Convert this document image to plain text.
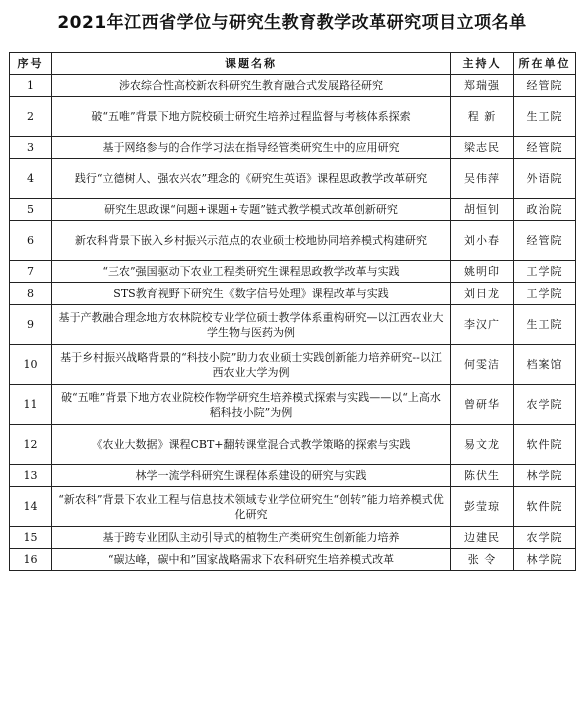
2021年江西省学位与研究生教育教学改革研究项目立项名单
序号	课题名称	主持人	所在单位
1	涉农综合性高校新农科研究生教育融合式发展路径研究	郑瑞强	经管院
2	破“五唯”背景下地方院校硕士研究生培养过程监督与考核体系探索	程 新	生工院
3	基于网络参与的合作学习法在指导经管类研究生中的应用研究	梁志民	经管院
4	践行“立德树人、强农兴农”理念的《研究生英语》课程思政教学改革研究	吴伟萍	外语院
5	研究生思政课“问题+课题+专题”链式教学模式改革创新研究	胡恒钊	政治院
6	新农科背景下嵌入乡村振兴示范点的农业硕士校地协同培养模式构建研究	刘小春	经管院
7	“三农”强国驱动下农业工程类研究生课程思政教学改革与实践	姚明印	工学院
8	STS教育视野下研究生《数字信号处理》课程改革与实践	刘日龙	工学院
9	基于产教融合理念地方农林院校专业学位硕士教学体系重构研究—以江西农业大学生物与医药为例	李汉广	生工院
10	基于乡村振兴战略背景的“科技小院”助力农业硕士实践创新能力培养研究--以江西农业大学为例	何雯洁	档案馆
11	破“五唯”背景下地方农业院校作物学研究生培养模式探索与实践——以“上高水稻科技小院”为例	曾研华	农学院
12	《农业大数据》课程CBT+翻转课堂混合式教学策略的探索与实践	易文龙	软件院
13	林学一流学科研究生课程体系建设的研究与实践	陈伏生	林学院
14	“新农科”背景下农业工程与信息技术领域专业学位研究生“创转”能力培养模式优化研究	彭莹琼	软件院
15	基于跨专业团队主动引导式的植物生产类研究生创新能力培养	边建民	农学院
16	“碳达峰，碳中和”国家战略需求下农科研究生培养模式改革	张 令	林学院
